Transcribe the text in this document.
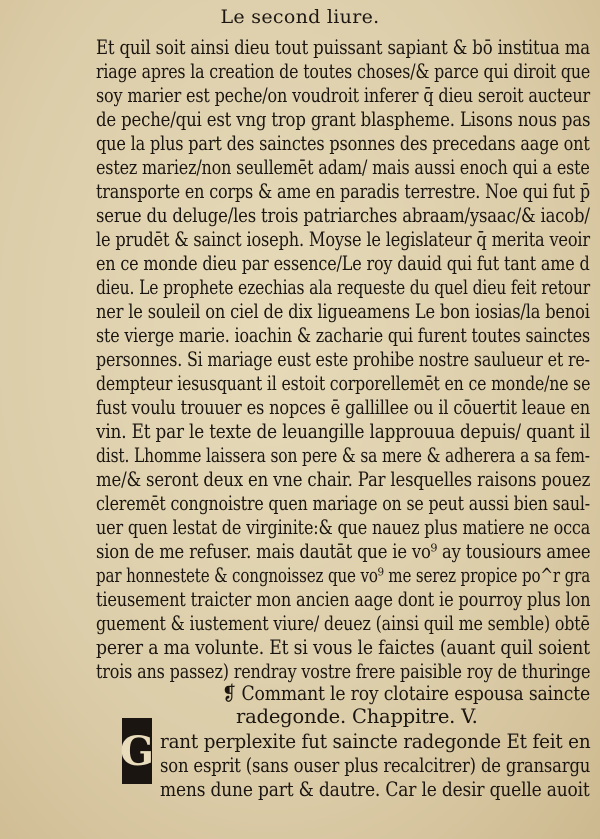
Le second liure.
Et quil soit ainsi dieu tout puissant sapiant & bō institua ma
riage apres la creation de toutes choses/& parce qui diroit que
soy marier est peche/on voudroit inferer q̄ dieu seroit aucteur
de peche/qui est vng trop grant blaspheme. Lisons nous pas
que la plus part des sainctes psonnes des precedans aage ont
estez mariez/non seullemēt adam/ mais aussi enoch qui a este
transporte en corps & ame en paradis terrestre. Noe qui fut p̄
serue du deluge/les trois patriarches abraam/ysaac/& iacob/
le prudēt & sainct ioseph. Moyse le legislateur q̄ merita veoir
en ce monde dieu par essence/Le roy dauid qui fut tant ame d
dieu. Le prophete ezechias ala requeste du quel dieu feit retour
ner le souleil on ciel de dix ligueamens Le bon iosias/la benoi
ste vierge marie. ioachin & zacharie qui furent toutes sainctes
personnes. Si mariage eust este prohibe nostre saulueur et re-
dempteur iesusquant il estoit corporellemēt en ce monde/ne se
fust voulu trouuer es nopces ē gallillee ou il cōuertit leaue en
vin. Et par le texte de leuangille lapprouua depuis/ quant il
dist. Lhomme laissera son pere & sa mere & adherera a sa fem-
me/& seront deux en vne chair. Par lesquelles raisons pouez
cleremēt congnoistre quen mariage on se peut aussi bien saul-
uer quen lestat de virginite:& que nauez plus matiere ne occa
sion de me refuser. mais dautāt que ie vo⁹ ay tousiours amee
par honnestete & congnoissez que vo⁹ me serez propice po^r gra
tieusement traicter mon ancien aage dont ie pourroy plus lon
guement & iustement viure/ deuez (ainsi quil me semble) obtē
perer a ma volunte. Et si vous le faictes (auant quil soient
trois ans passez) rendray vostre frere paisible roy de thuringe
❡ Commant le roy clotaire espousa saincte
radegonde. Chappitre. V.
G rant perplexite fut saincte radegonde Et feit en
son esprit (sans ouser plus recalcitrer) de gransargu
mens dune part & dautre. Car le desir quelle auoit
